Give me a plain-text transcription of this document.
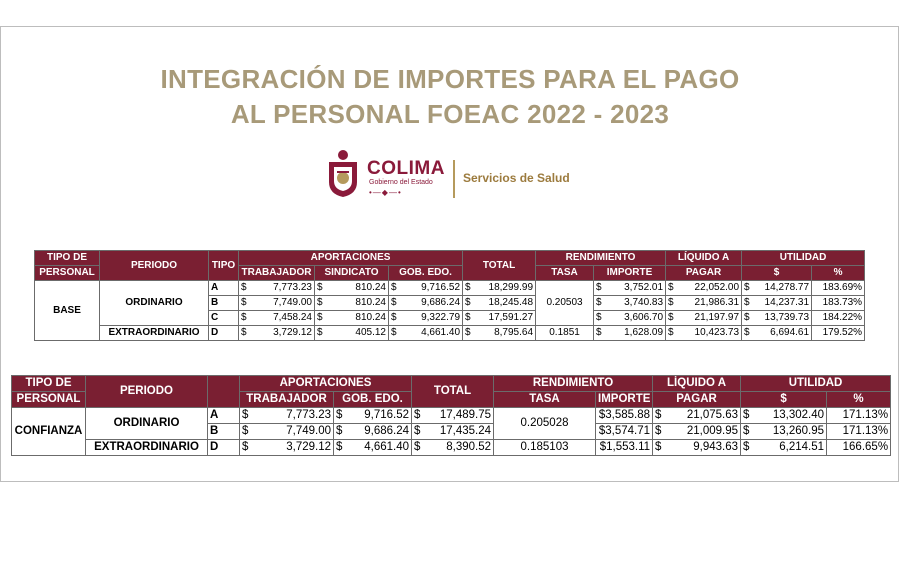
INTEGRACIÓN DE IMPORTES PARA EL PAGO
AL PERSONAL FOEAC 2022 - 2023
COLIMA
Gobierno del Estado
•—◆—•
Servicios de Salud
TIPO DE	PERIODO	TIPO	APORTACIONES			TOTAL	RENDIMIENTO		LÍQUIDO A	UTILIDAD	
PERSONAL			TRABAJADOR	SINDICATO	GOB. EDO.		TASA	IMPORTE	PAGAR	$	%
BASE	ORDINARIO	A	$ 7,773.23	$ 810.24	$ 9,716.52	$ 18,299.99	0.20503	$ 3,752.01	$ 22,052.00	$ 14,278.77	183.69%
		B	$ 7,749.00	$ 810.24	$ 9,686.24	$ 18,245.48		$ 3,740.83	$ 21,986.31	$ 14,237.31	183.73%
		C	$ 7,458.24	$ 810.24	$ 9,322.79	$ 17,591.27		$ 3,606.70	$ 21,197.97	$ 13,739.73	184.22%
	EXTRAORDINARIO	D	$ 3,729.12	$ 405.12	$ 4,661.40	$ 8,795.64	0.1851	$ 1,628.09	$ 10,423.73	$ 6,694.61	179.52%
TIPO DE	PERIODO		APORTACIONES		TOTAL	RENDIMIENTO		LÍQUIDO A	UTILIDAD	
PERSONAL			TRABAJADOR	GOB. EDO.		TASA	IMPORTE	PAGAR	$	%
CONFIANZA	ORDINARIO	A	$ 7,773.23	$ 9,716.52	$ 17,489.75	0.205028	$3,585.88	$ 21,075.63	$ 13,302.40	171.13%
		B	$ 7,749.00	$ 9,686.24	$ 17,435.24		$3,574.71	$ 21,009.95	$ 13,260.95	171.13%
	EXTRAORDINARIO	D	$ 3,729.12	$ 4,661.40	$ 8,390.52	0.185103	$1,553.11	$ 9,943.63	$ 6,214.51	166.65%
